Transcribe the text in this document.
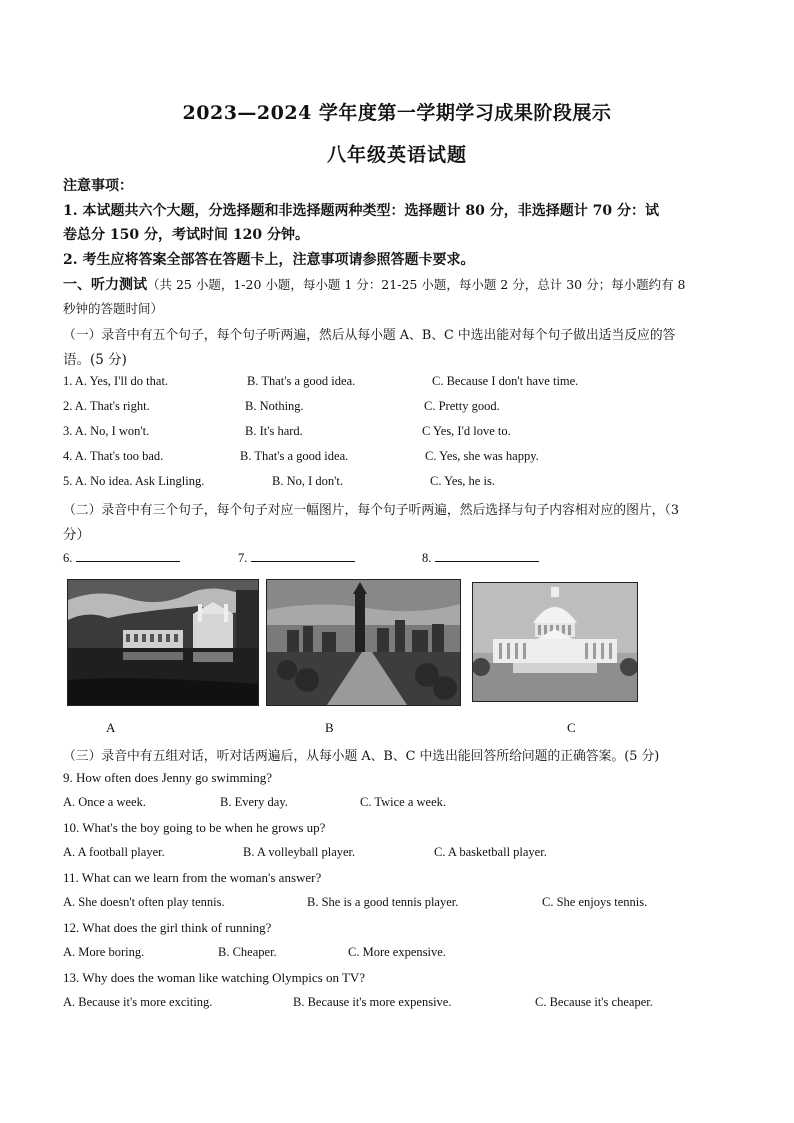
2023—2024 学年度第一学期学习成果阶段展示
八年级英语试题
注意事项：
1. 本试题共六个大题，分选择题和非选择题两种类型：选择题计 80 分，非选择题计 70 分：试
卷总分 150 分，考试时间 120 分钟。
2. 考生应将答案全部答在答题卡上，注意事项请参照答题卡要求。
一、听力测试（共 25 小题，1-20 小题，每小题 1 分：21-25 小题，每小题 2 分，总计 30 分；每小题约有 8
秒钟的答题时间）
（一）录音中有五个句子，每个句子听两遍，然后从每小题 A、B、C 中选出能对每个句子做出适当反应的答
语。(5 分)
1. A. Yes, I'll do that.	B. That's a good idea.	C. Because I don't have time.
2. A. That's right.	B. Nothing.	C. Pretty good.
3. A. No, I won't.	B. It's hard.	C Yes, I'd love to.
4. A. That's too bad.	B. That's a good idea.	C. Yes, she was happy.
5. A. No idea. Ask Lingling.	B. No, I don't.	C. Yes, he is.
（二）录音中有三个句子，每个句子对应一幅图片，每个句子听两遍，然后选择与句子内容相对应的图片，（3
分）
6.	7.	8.
A	B	C
（三）录音中有五组对话，听对话两遍后，从每小题 A、B、C 中选出能回答所给问题的正确答案。(5 分)
9. How often does Jenny go swimming?
A. Once a week.	B. Every day.	C. Twice a week.
10. What's the boy going to be when he grows up?
A. A football player.	B. A volleyball player.	C. A basketball player.
11. What can we learn from the woman's answer?
A. She doesn't often play tennis.	B. She is a good tennis player.	C. She enjoys tennis.
12. What does the girl think of running?
A. More boring.	B. Cheaper.	C. More expensive.
13. Why does the woman like watching Olympics on TV?
A. Because it's more exciting.	B. Because it's more expensive.	C. Because it's cheaper.
